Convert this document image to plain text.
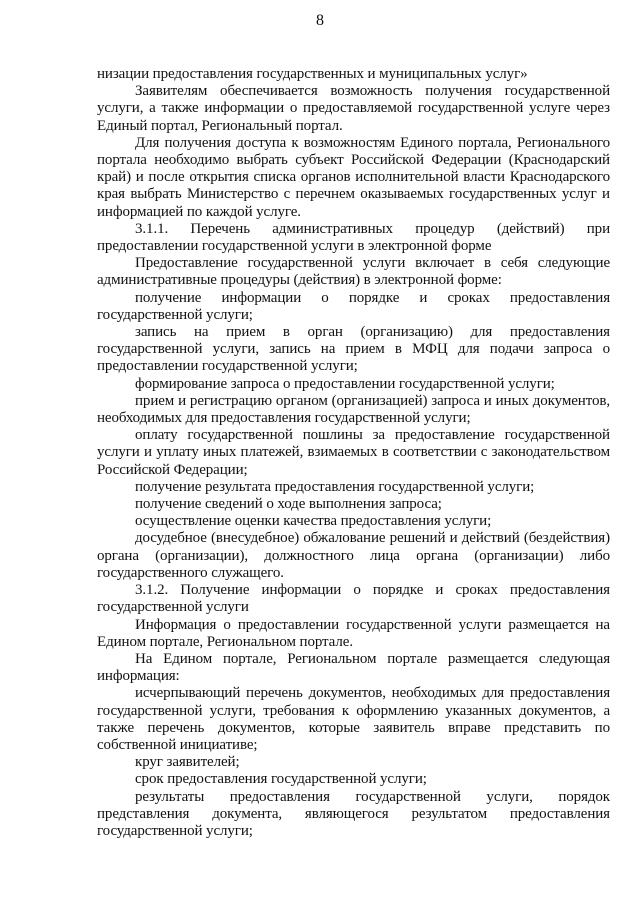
8

низации предоставления государственных и муниципальных услуг»

Заявителям обеспечивается возможность получения государственной услуги, а также информации о предоставляемой государственной услуге через Единый портал, Региональный портал.

Для получения доступа к возможностям Единого портала, Регионального портала необходимо выбрать субъект Российской Федерации (Краснодарский край) и после открытия списка органов исполнительной власти Краснодарского края выбрать Министерство с перечнем оказываемых государственных услуг и информацией по каждой услуге.

3.1.1. Перечень административных процедур (действий) при предоставлении государственной услуги в электронной форме

Предоставление государственной услуги включает в себя следующие административные процедуры (действия) в электронной форме:

получение информации о порядке и сроках предоставления государственной услуги;

запись на прием в орган (организацию) для предоставления государственной услуги, запись на прием в МФЦ для подачи запроса о предоставлении государственной услуги;

формирование запроса о предоставлении государственной услуги;

прием и регистрацию органом (организацией) запроса и иных документов, необходимых для предоставления государственной услуги;

оплату государственной пошлины за предоставление государственной услуги и уплату иных платежей, взимаемых в соответствии с законодательством Российской Федерации;

получение результата предоставления государственной услуги;

получение сведений о ходе выполнения запроса;

осуществление оценки качества предоставления услуги;

досудебное (внесудебное) обжалование решений и действий (бездействия) органа (организации), должностного лица органа (организации) либо государственного служащего.

3.1.2. Получение информации о порядке и сроках предоставления государственной услуги

Информация о предоставлении государственной услуги размещается на Едином портале, Региональном портале.

На Едином портале, Региональном портале размещается следующая информация:

исчерпывающий перечень документов, необходимых для предоставления государственной услуги, требования к оформлению указанных документов, а также перечень документов, которые заявитель вправе представить по собственной инициативе;

круг заявителей;

срок предоставления государственной услуги;

результаты предоставления государственной услуги, порядок представления документа, являющегося результатом предоставления государственной услуги;
